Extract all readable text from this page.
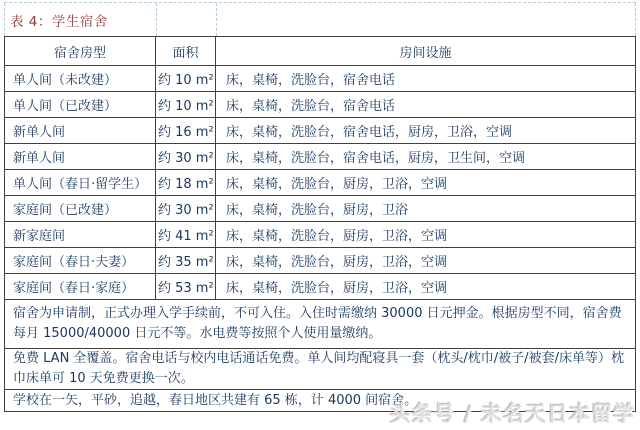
表 4：学生宿舍
宿舍房型	面积	房间设施
单人间（未改建）	约 10 m²	床，桌椅，洗脸台，宿舍电话
单人间（已改建）	约 10 m²	床，桌椅，洗脸台，宿舍电话
新单人间	约 16 m²	床，桌椅，洗脸台，宿舍电话，厨房，卫浴，空调
新单人间	约 30 m²	床，桌椅，洗脸台，宿舍电话，厨房，卫生间，空调
单人间（春日·留学生）	约 18 m²	床，桌椅，洗脸台，厨房，卫浴，空调
家庭间（已改建）	约 30 m²	床，桌椅，洗脸台，厨房，卫浴
新家庭间	约 41 m²	床，桌椅，洗脸台，厨房，卫浴，空调
家庭间（春日·夫妻）	约 35 m²	床，桌椅，洗脸台，厨房，卫浴，空调
家庭间（春日·家庭）	约 53 m²	床，桌椅，洗脸台，厨房，卫浴，空调
宿舍为申请制，正式办理入学手续前，不可入住。入住时需缴纳 30000 日元押金。根据房型不同，宿舍费每月 15000/40000 日元不等。水电费等按照个人使用量缴纳。		
免费 LAN 全覆盖。宿舍电话与校内电话通话免费。单人间均配寝具一套（枕头/枕巾/被子/被套/床单等）枕巾床单可 10 天免费更换一次。		
学校在一矢，平砂，追越，春日地区共建有 65 栋，计 4000 间宿舍。		
头条号 / 未名天日本留学
